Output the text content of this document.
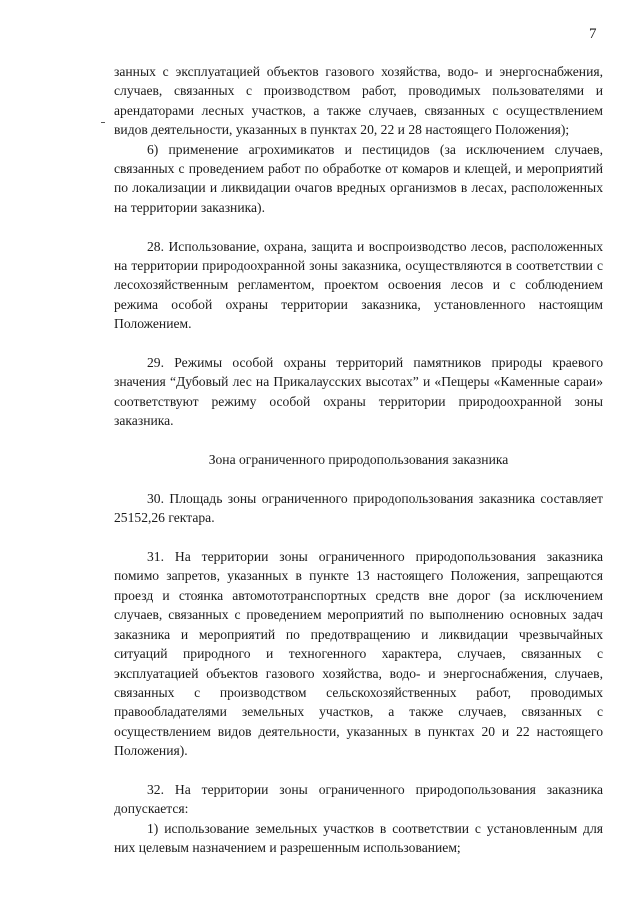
7

занных с эксплуатацией объектов газового хозяйства, водо- и энергоснабжения, случаев, связанных с производством работ, проводимых пользователями и арендаторами лесных участков, а также случаев, связанных с осуществлением видов деятельности, указанных в пунктах 20, 22 и 28 настоящего Положения);

6) применение агрохимикатов и пестицидов (за исключением случаев, связанных с проведением работ по обработке от комаров и клещей, и мероприятий по локализации и ликвидации очагов вредных организмов в лесах, расположенных на территории заказника).

28. Использование, охрана, защита и воспроизводство лесов, расположенных на территории природоохранной зоны заказника, осуществляются в соответствии с лесохозяйственным регламентом, проектом освоения лесов и с соблюдением режима особой охраны территории заказника, установленного настоящим Положением.

29. Режимы особой охраны территорий памятников природы краевого значения “Дубовый лес на Прикалаусских высотах” и «Пещеры «Каменные сараи» соответствуют режиму особой охраны территории природоохранной зоны заказника.

Зона ограниченного природопользования заказника

30. Площадь зоны ограниченного природопользования заказника составляет 25152,26 гектара.

31. На территории зоны ограниченного природопользования заказника помимо запретов, указанных в пункте 13 настоящего Положения, запрещаются проезд и стоянка автомототранспортных средств вне дорог (за исключением случаев, связанных с проведением мероприятий по выполнению основных задач заказника и мероприятий по предотвращению и ликвидации чрезвычайных ситуаций природного и техногенного характера, случаев, связанных с эксплуатацией объектов газового хозяйства, водо- и энергоснабжения, случаев, связанных с производством сельскохозяйственных работ, проводимых правообладателями земельных участков, а также случаев, связанных с осуществлением видов деятельности, указанных в пунктах 20 и 22 настоящего Положения).

32. На территории зоны ограниченного природопользования заказника допускается:

1) использование земельных участков в соответствии с установленным для них целевым назначением и разрешенным использованием;
